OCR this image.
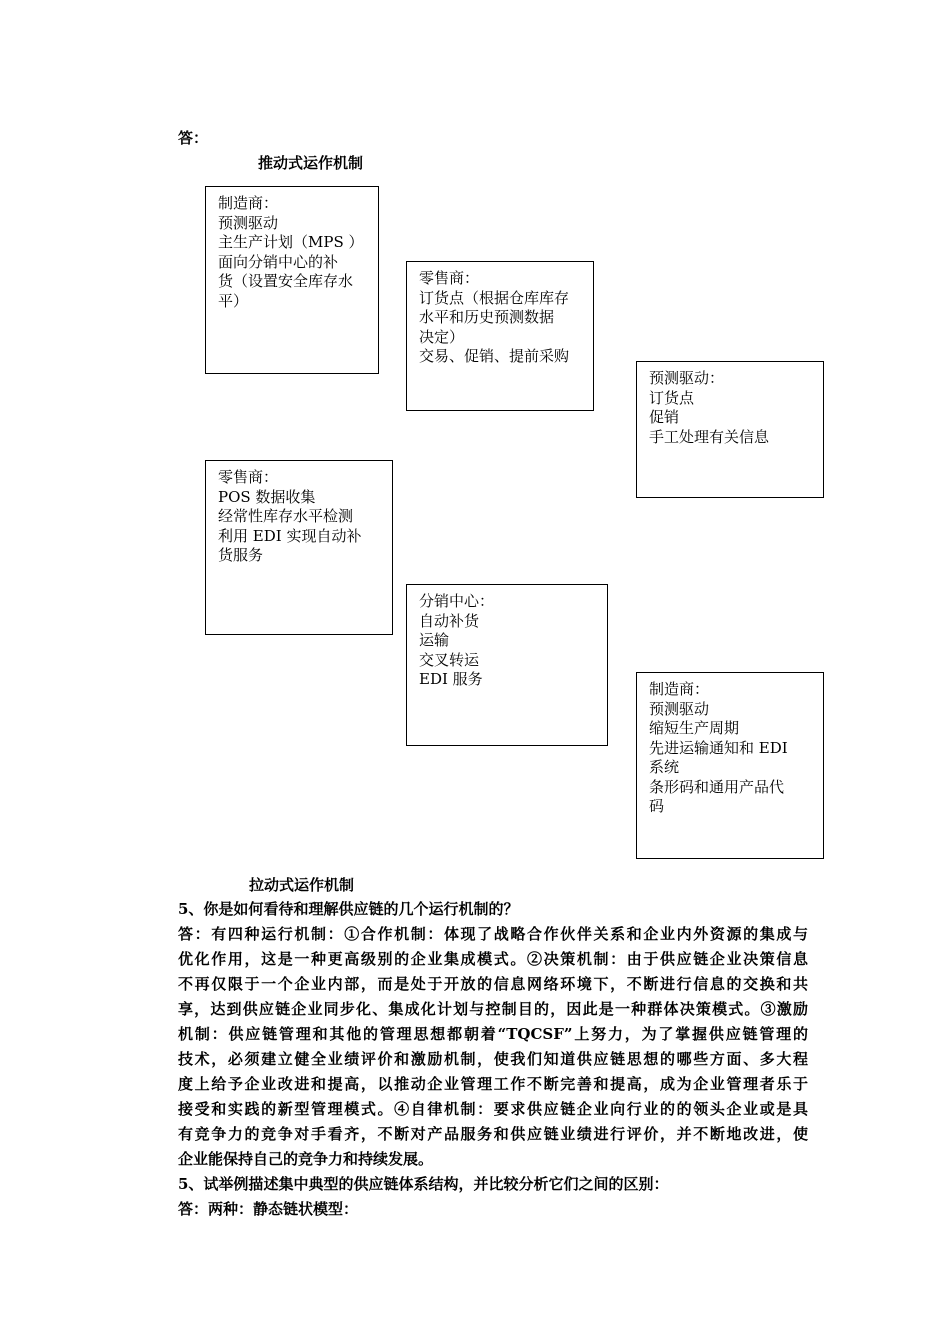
答：
推动式运作机制
制造商：
预测驱动
主生产计划（MPS ）
面向分销中心的补
货（设置安全库存水
平）
零售商：
订货点（根据仓库库存
水平和历史预测数据
决定）
交易、促销、提前采购
预测驱动：
订货点
促销
手工处理有关信息
零售商：
POS 数据收集
经常性库存水平检测
利用 EDI 实现自动补
货服务
分销中心：
自动补货
运输
交叉转运
EDI 服务
制造商：
预测驱动
缩短生产周期
先进运输通知和 EDI
系统
条形码和通用产品代
码
拉动式运作机制
5、你是如何看待和理解供应链的几个运行机制的？
答：有四种运行机制：①合作机制：体现了战略合作伙伴关系和企业内外资源的集成与
优化作用，这是一种更高级别的企业集成模式。②决策机制：由于供应链企业决策信息
不再仅限于一个企业内部，而是处于开放的信息网络环境下，不断进行信息的交换和共
享，达到供应链企业同步化、集成化计划与控制目的，因此是一种群体决策模式。③激励
机制：供应链管理和其他的管理思想都朝着“TQCSF”上努力，为了掌握供应链管理的
技术，必须建立健全业绩评价和激励机制，使我们知道供应链思想的哪些方面、多大程
度上给予企业改进和提高，以推动企业管理工作不断完善和提高，成为企业管理者乐于
接受和实践的新型管理模式。④自律机制：要求供应链企业向行业的的领头企业或是具
有竞争力的竞争对手看齐，不断对产品服务和供应链业绩进行评价，并不断地改进，使
企业能保持自己的竞争力和持续发展。
5、试举例描述集中典型的供应链体系结构，并比较分析它们之间的区别：
答：两种：静态链状模型：
